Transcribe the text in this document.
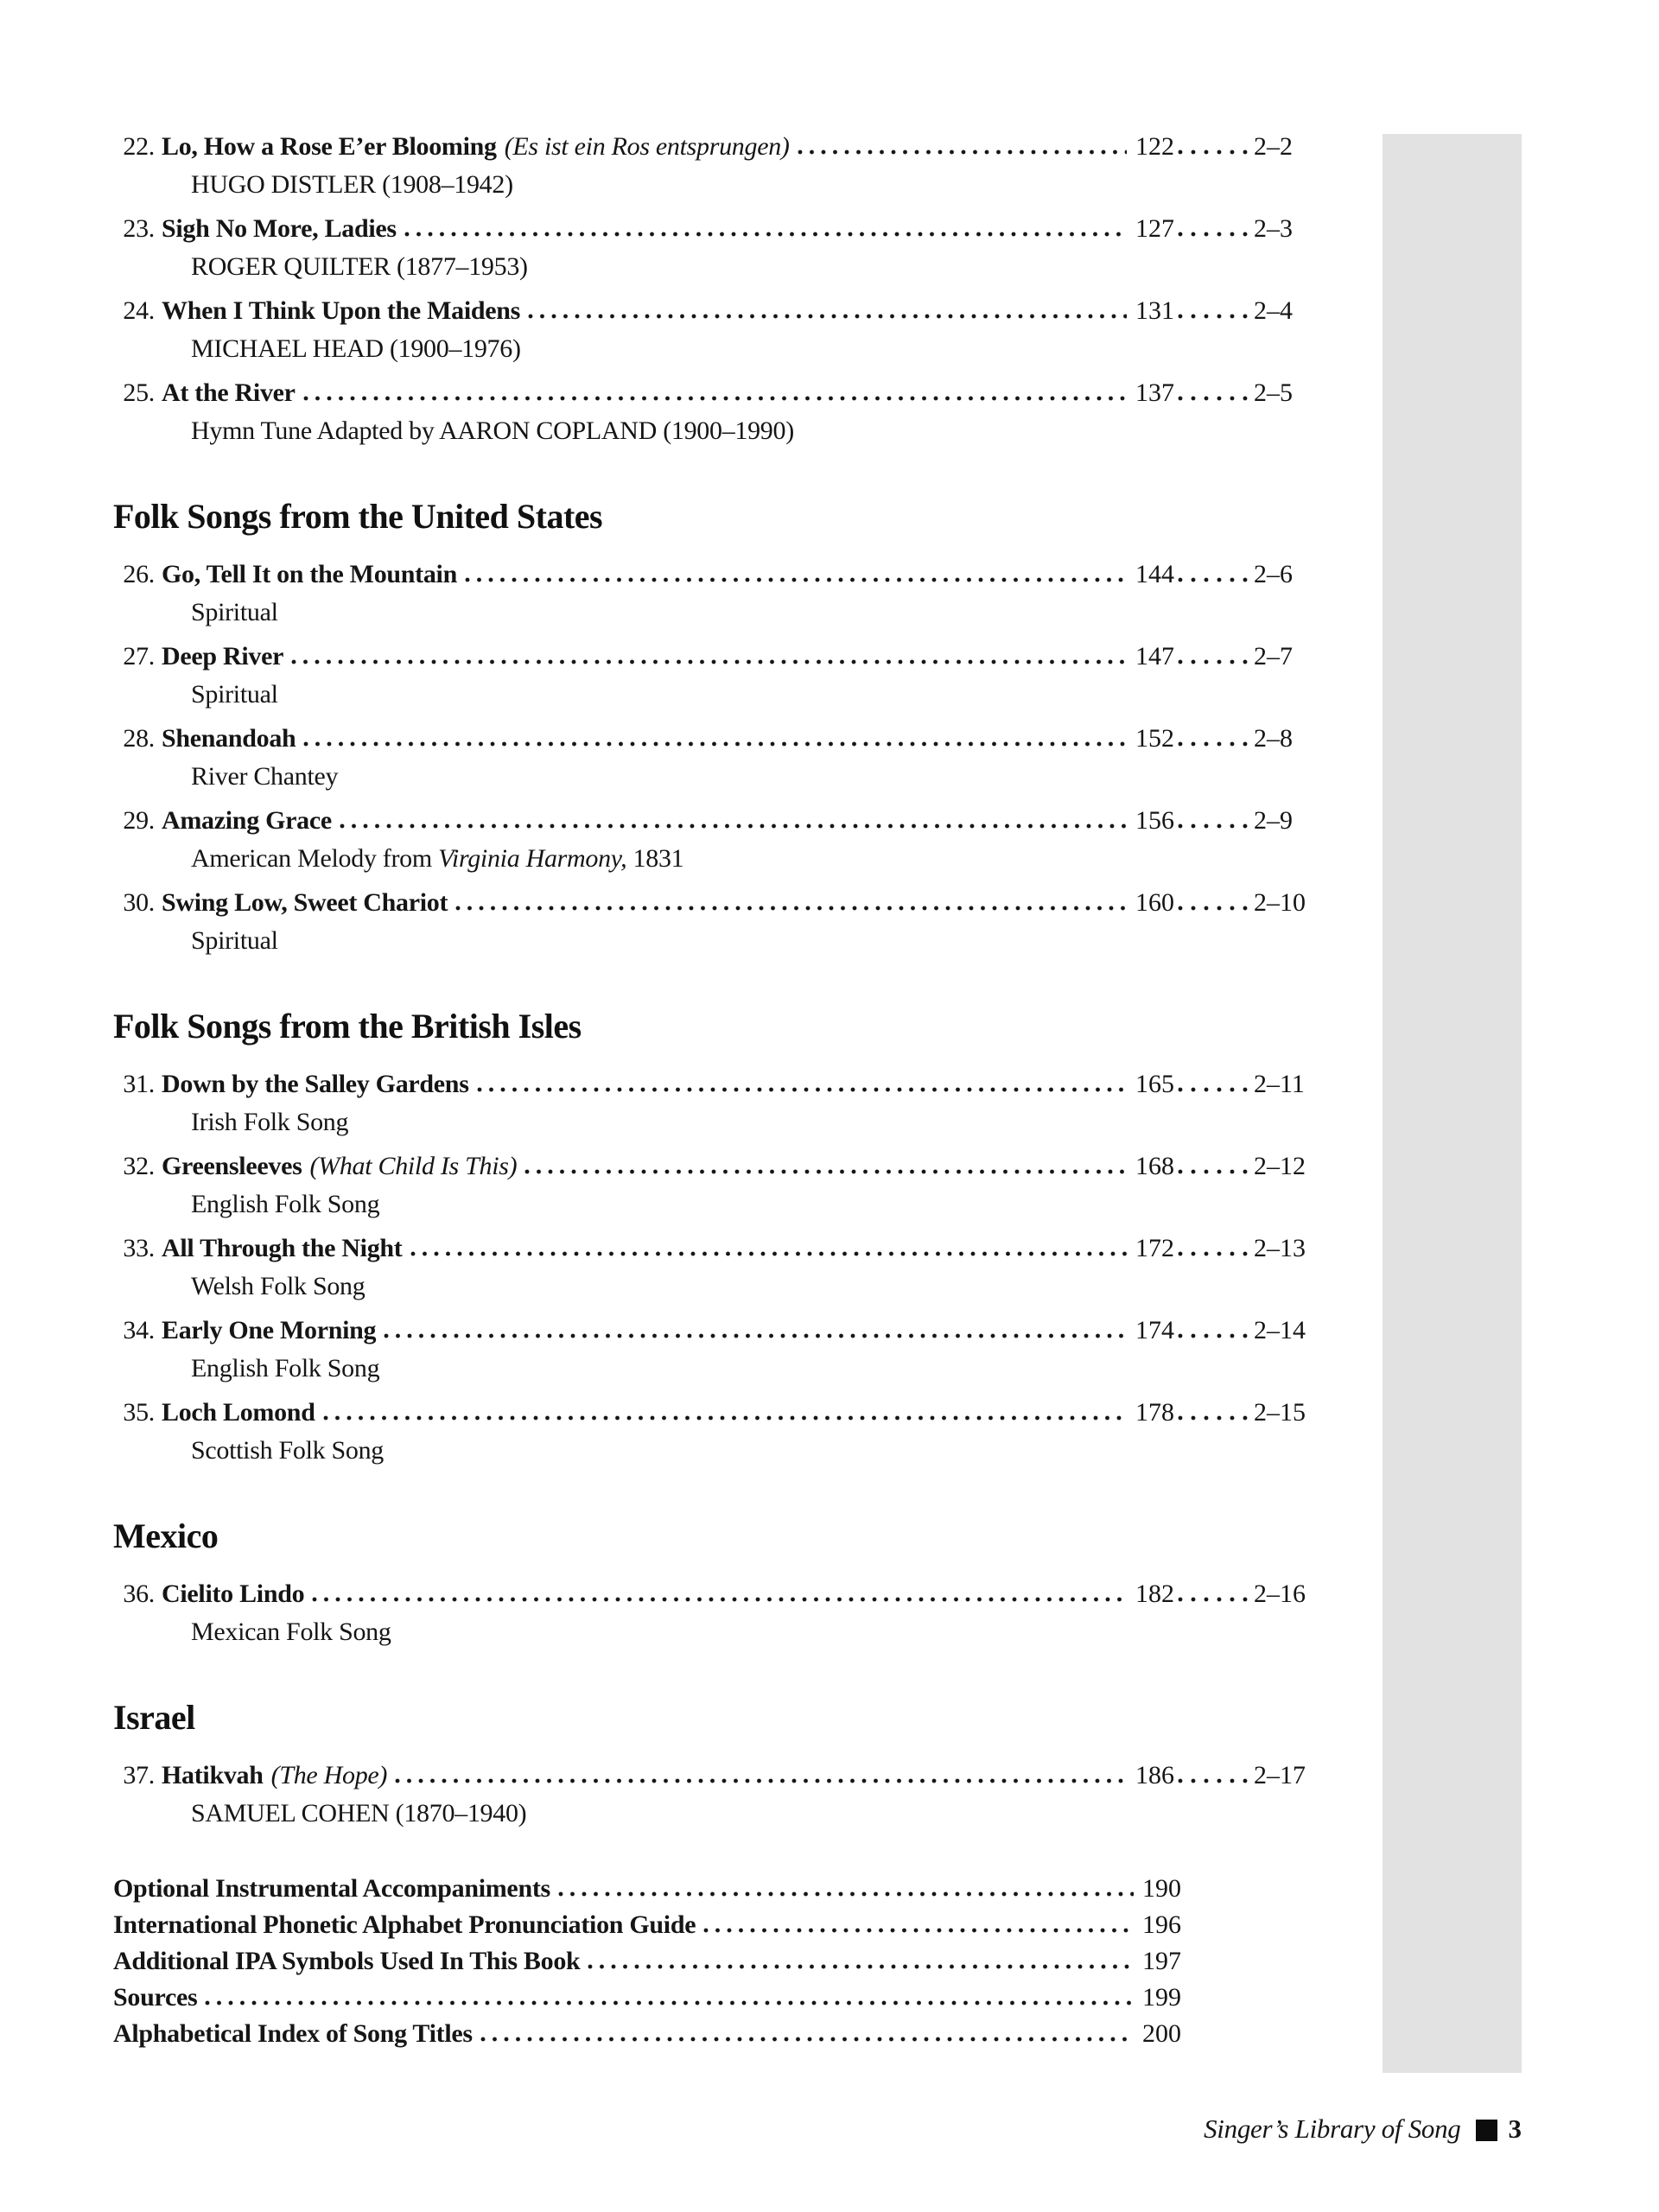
22. Lo, How a Rose E’er Blooming (Es ist ein Ros entsprungen)	122	2–2
HUGO DISTLER (1908–1942)
23. Sigh No More, Ladies	127	2–3
ROGER QUILTER (1877–1953)
24. When I Think Upon the Maidens	131	2–4
MICHAEL HEAD (1900–1976)
25. At the River	137	2–5
Hymn Tune Adapted by AARON COPLAND (1900–1990)
Folk Songs from the United States
26. Go, Tell It on the Mountain	144	2–6
Spiritual
27. Deep River	147	2–7
Spiritual
28. Shenandoah	152	2–8
River Chantey
29. Amazing Grace	156	2–9
American Melody from Virginia Harmony, 1831
30. Swing Low, Sweet Chariot	160	2–10
Spiritual
Folk Songs from the British Isles
31. Down by the Salley Gardens	165	2–11
Irish Folk Song
32. Greensleeves (What Child Is This)	168	2–12
English Folk Song
33. All Through the Night	172	2–13
Welsh Folk Song
34. Early One Morning	174	2–14
English Folk Song
35. Loch Lomond	178	2–15
Scottish Folk Song
Mexico
36. Cielito Lindo	182	2–16
Mexican Folk Song
Israel
37. Hatikvah (The Hope)	186	2–17
SAMUEL COHEN (1870–1940)
Optional Instrumental Accompaniments	190
International Phonetic Alphabet Pronunciation Guide	196
Additional IPA Symbols Used In This Book	197
Sources	199
Alphabetical Index of Song Titles	200
Singer’s Library of Song 3
